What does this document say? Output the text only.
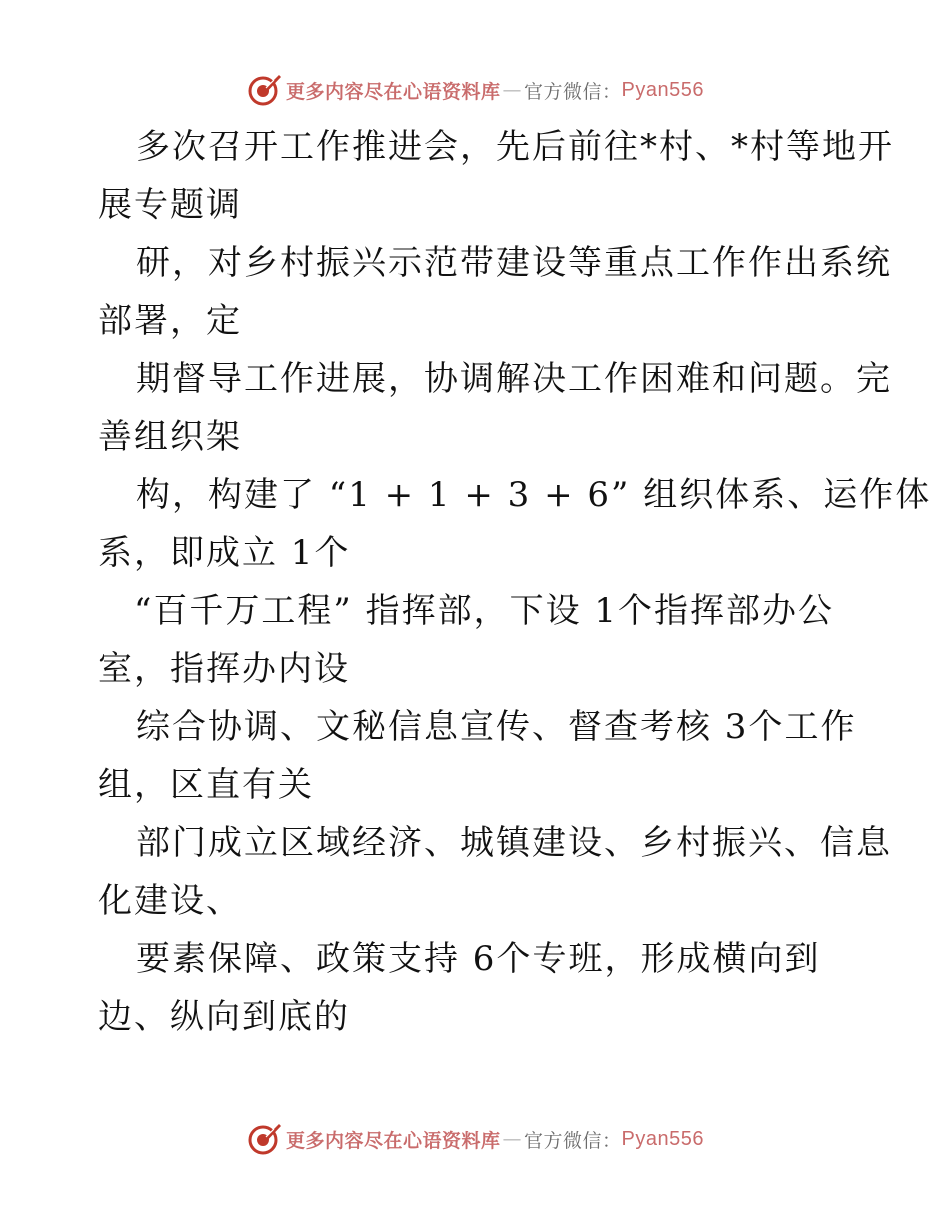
更多内容尽在心语资料库 — 官方微信： Pyan556
多次召开工作推进会，先后前往*村、*村等地开
展专题调
研，对乡村振兴示范带建设等重点工作作出系统
部署，定
期督导工作进展，协调解决工作困难和问题。完
善组织架
构，构建了 “1 + 1 + 3 + 6” 组织体系、运作体
系，即成立 1个
“百千万工程” 指挥部，下设 1个指挥部办公
室，指挥办内设
综合协调、文秘信息宣传、督查考核 3个工作
组，区直有关
部门成立区域经济、城镇建设、乡村振兴、信息
化建设、
要素保障、政策支持 6个专班，形成横向到
边、纵向到底的
更多内容尽在心语资料库 — 官方微信： Pyan556
